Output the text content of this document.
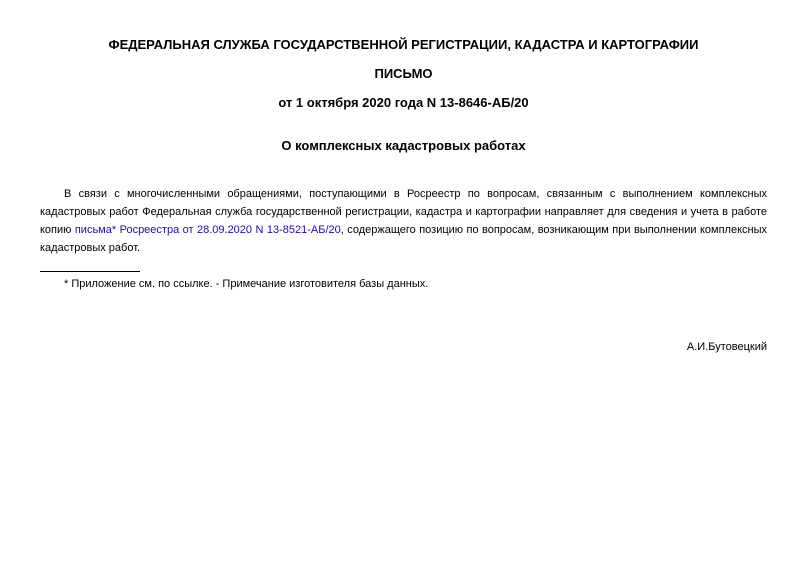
ФЕДЕРАЛЬНАЯ СЛУЖБА ГОСУДАРСТВЕННОЙ РЕГИСТРАЦИИ, КАДАСТРА И КАРТОГРАФИИ

ПИСЬМО

от 1 октября 2020 года N 13-8646-АБ/20

О комплексных кадастровых работах

В связи с многочисленными обращениями, поступающими в Росреестр по вопросам, связанным с выполнением комплексных кадастровых работ Федеральная служба государственной регистрации, кадастра и картографии направляет для сведения и учета в работе копию письма* Росреестра от 28.09.2020 N 13-8521-АБ/20, содержащего позицию по вопросам, возникающим при выполнении комплексных кадастровых работ.

* Приложение см. по ссылке. - Примечание изготовителя базы данных.

А.И.Бутовецкий
